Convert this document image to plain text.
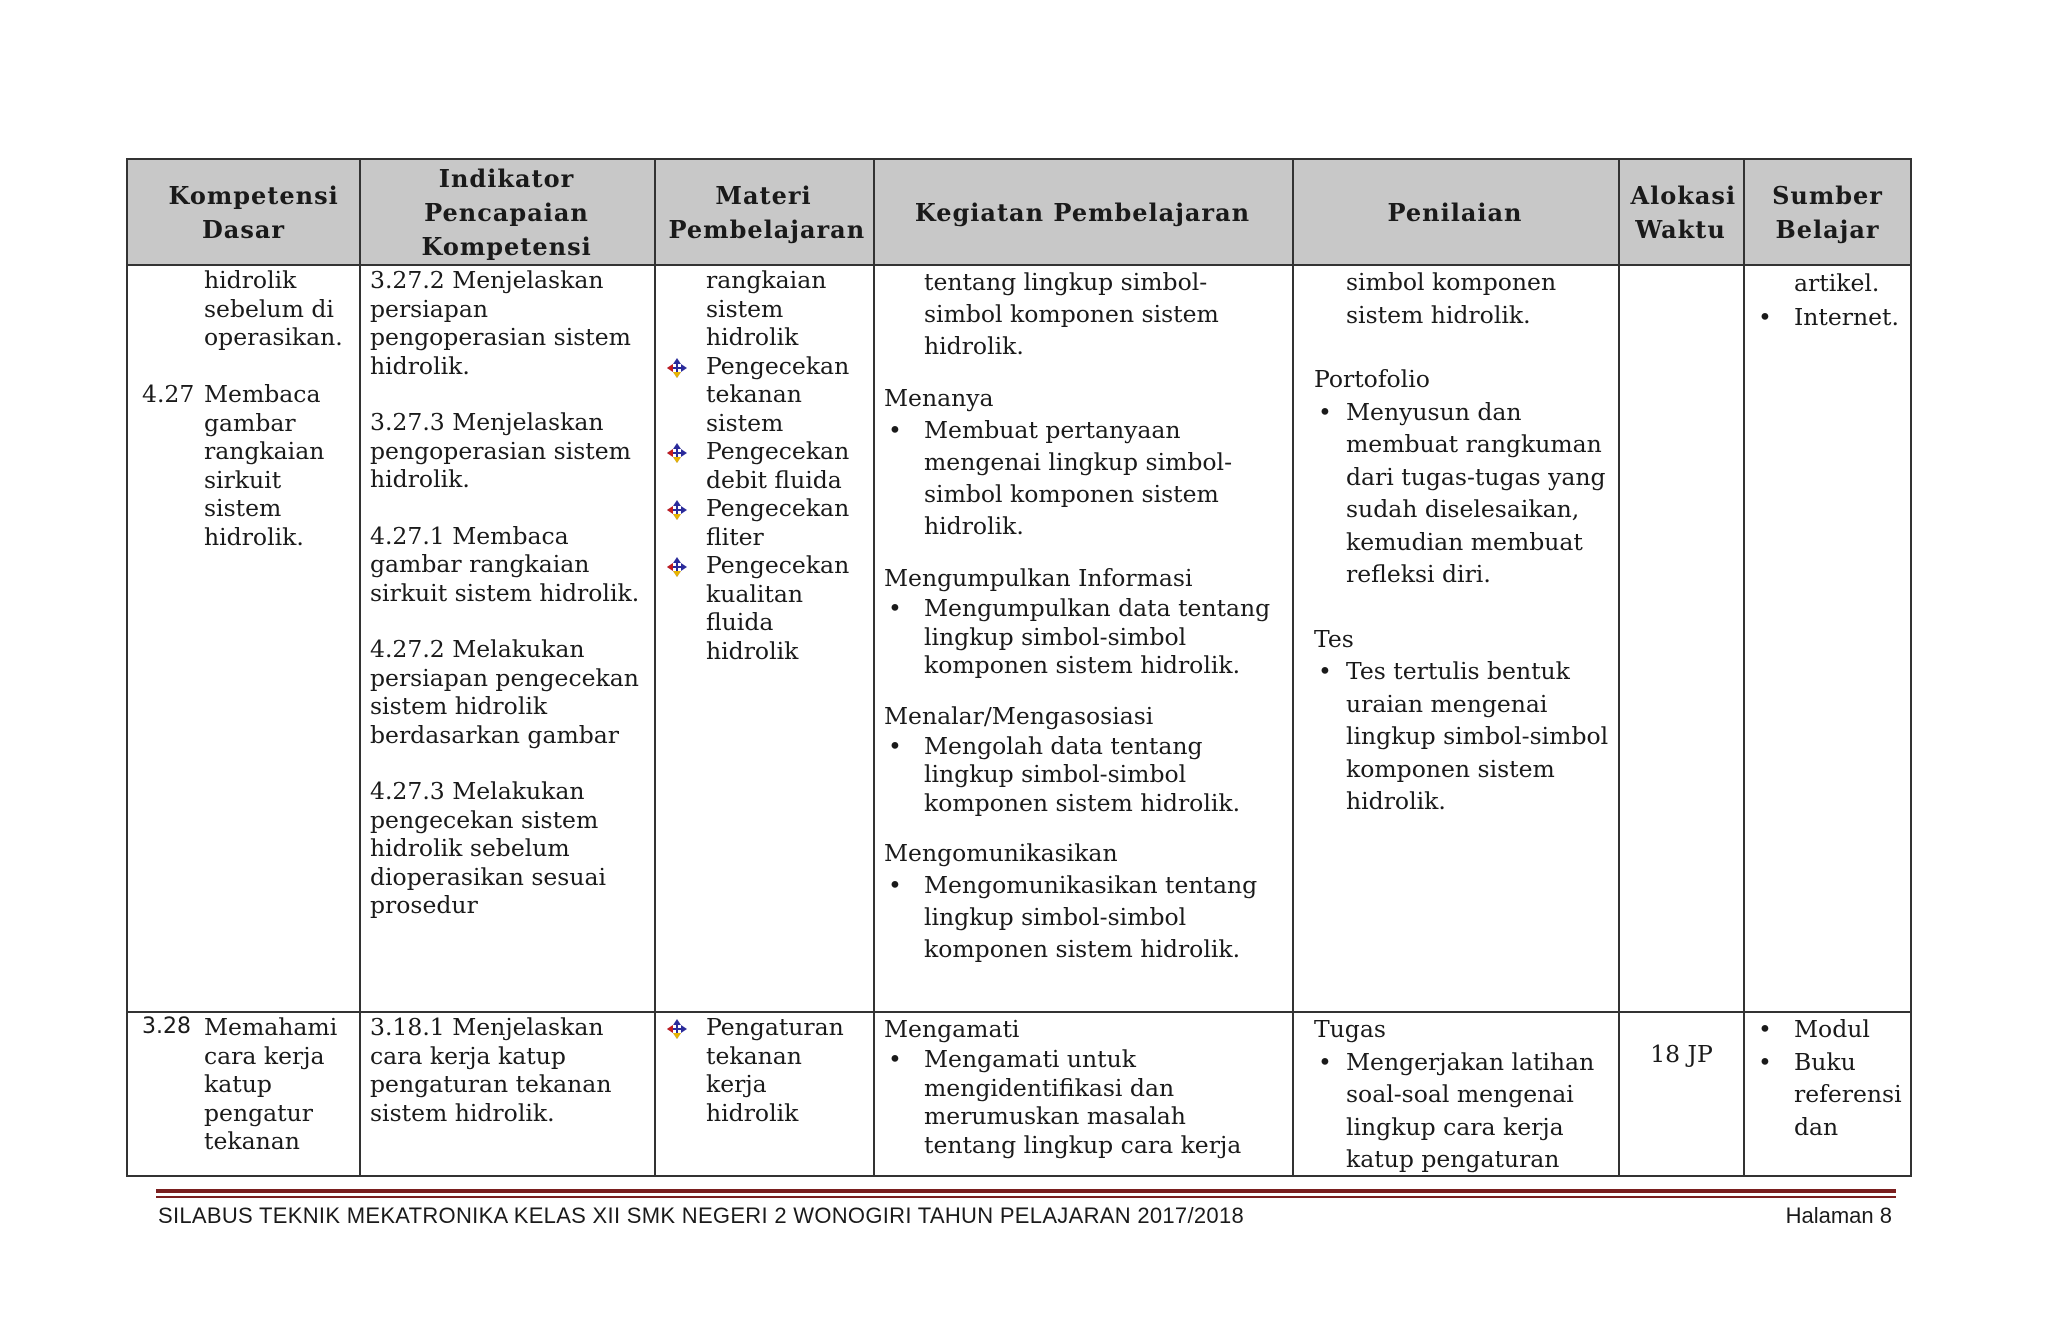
Kompetensi Dasar
Indikator Pencapaian Kompetensi
Materi Pembelajaran
Kegiatan Pembelajaran	Penilaian
Alokasi Waktu
Sumber Belajar
hidrolik sebelum di operasikan.
4.27 Membaca gambar rangkaian sirkuit sistem hidrolik.

3.27.2 Menjelaskan persiapan pengoperasian sistem hidrolik.

3.27.3 Menjelaskan pengoperasian sistem hidrolik.

4.27.1 Membaca gambar rangkaian sirkuit sistem hidrolik.

4.27.2 Melakukan persiapan pengecekan sistem hidrolik berdasarkan gambar

4.27.3 Melakukan pengecekan sistem hidrolik sebelum dioperasikan sesuai prosedur

rangkaian sistem hidrolik
Pengecekan tekanan sistem
Pengecekan debit fluida
Pengecekan fliter
Pengecekan kualitan fluida hidrolik
tentang lingkup simbol-simbol komponen sistem hidrolik.
Menanya
• Membuat pertanyaan mengenai lingkup simbol-simbol komponen sistem hidrolik.
Mengumpulkan Informasi
• Mengumpulkan data tentang lingkup simbol-simbol komponen sistem hidrolik.
Menalar/Mengasosiasi
• Mengolah data tentang lingkup simbol-simbol komponen sistem hidrolik.
Mengomunikasikan
• Mengomunikasikan tentang lingkup simbol-simbol komponen sistem hidrolik.
simbol komponen sistem hidrolik.
Portofolio
• Menyusun dan membuat rangkuman dari tugas-tugas yang sudah diselesaikan, kemudian membuat refleksi diri.
Tes
• Tes tertulis bentuk uraian mengenai lingkup simbol-simbol komponen sistem hidrolik.
artikel.
• Internet.
3.28 Memahami cara kerja katup pengatur tekanan
3.18.1 Menjelaskan cara kerja katup pengaturan tekanan sistem hidrolik.
Pengaturan tekanan kerja hidrolik
Mengamati
• Mengamati untuk mengidentifikasi dan merumuskan masalah tentang lingkup cara kerja
Tugas
• Mengerjakan latihan soal-soal mengenai lingkup cara kerja katup pengaturan
18 JP
• Modul
• Buku referensi dan
SILABUS TEKNIK MEKATRONIKA KELAS XII SMK NEGERI 2 WONOGIRI TAHUN PELAJARAN 2017/2018	Halaman 8
